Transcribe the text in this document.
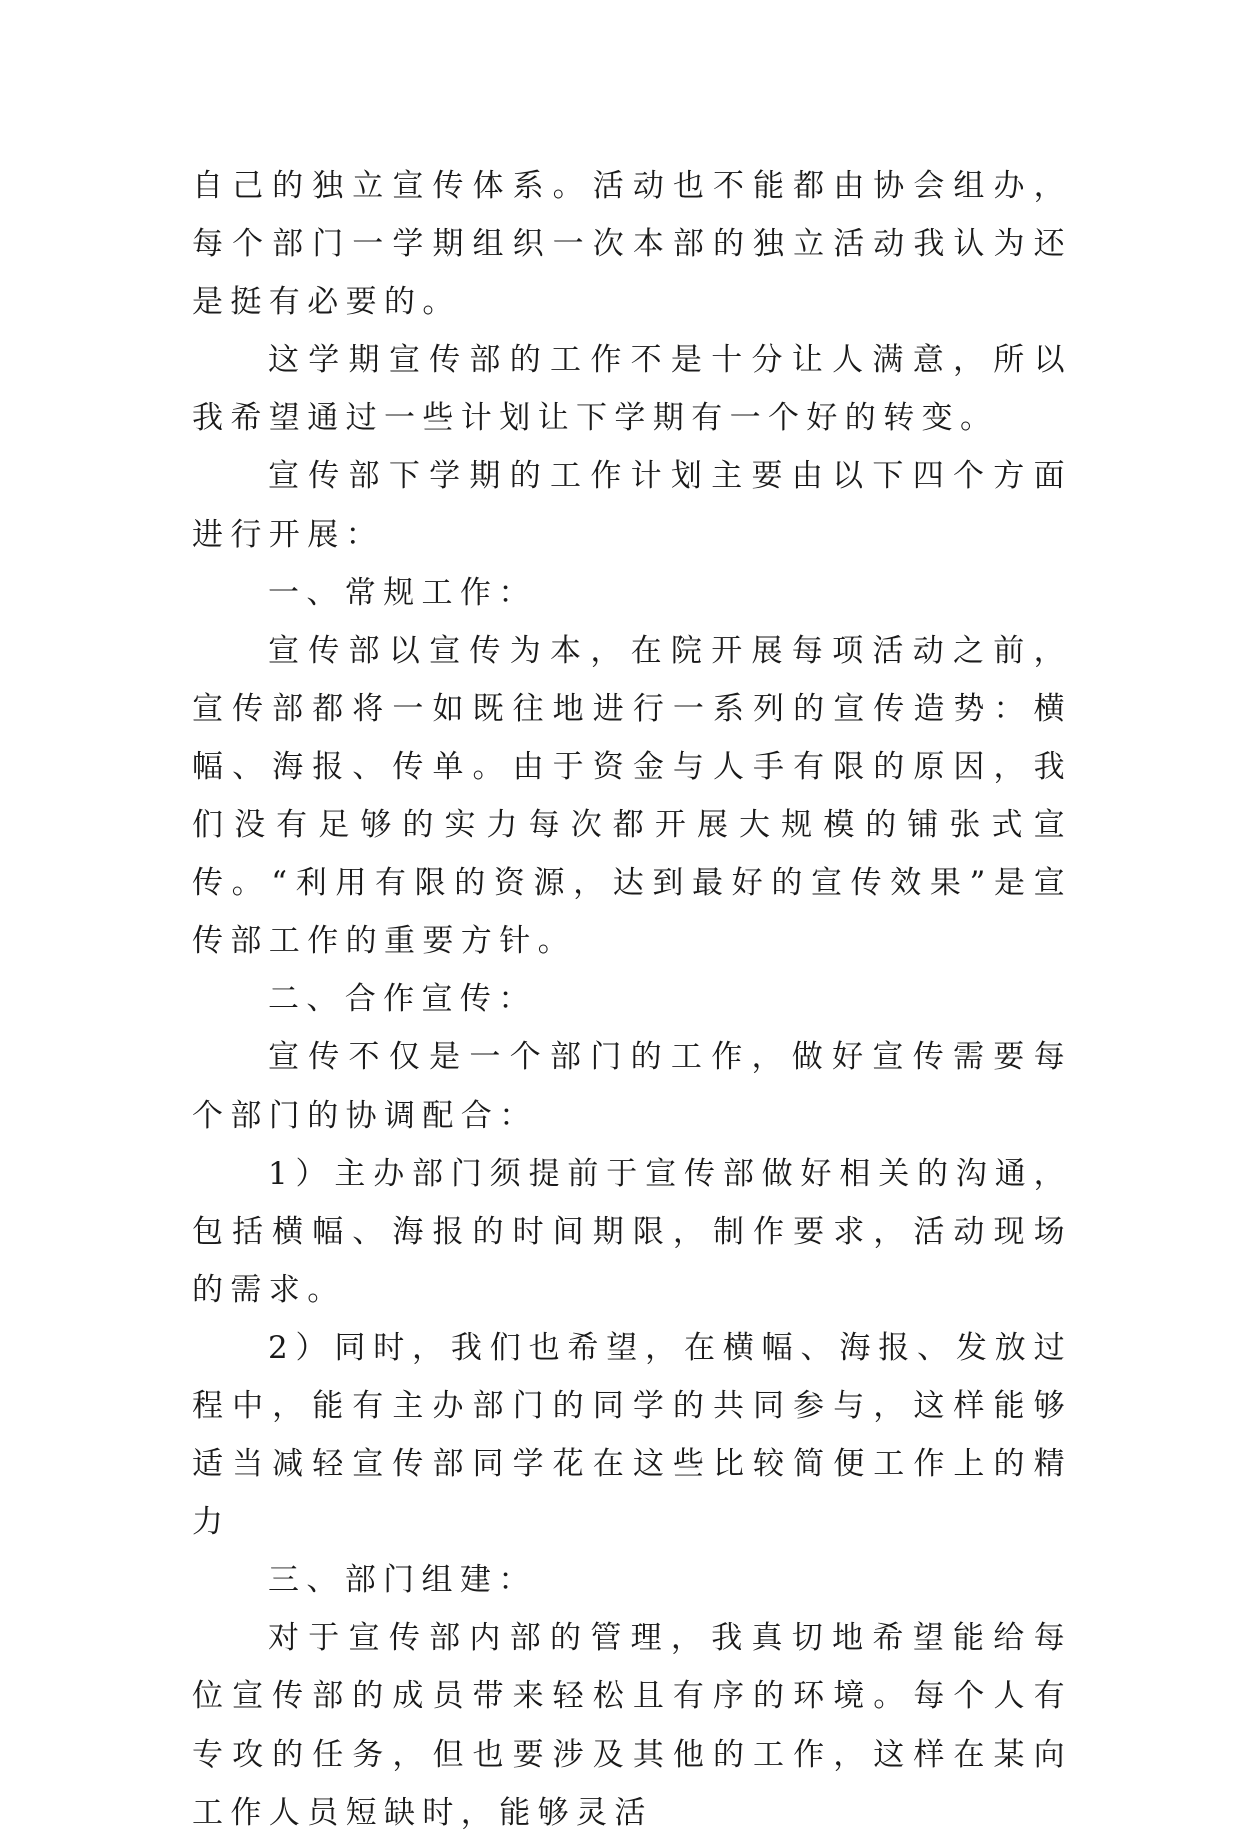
自己的独立宣传体系。活动也不能都由协会组办，每个部门一学期组织一次本部的独立活动我认为还是挺有必要的。

这学期宣传部的工作不是十分让人满意，所以我希望通过一些计划让下学期有一个好的转变。

宣传部下学期的工作计划主要由以下四个方面进行开展：

一、常规工作：

宣传部以宣传为本，在院开展每项活动之前，宣传部都将一如既往地进行一系列的宣传造势：横幅、海报、传单。由于资金与人手有限的原因，我们没有足够的实力每次都开展大规模的铺张式宣传。“利用有限的资源，达到最好的宣传效果”是宣传部工作的重要方针。

二、合作宣传：

宣传不仅是一个部门的工作，做好宣传需要每个部门的协调配合：

1）主办部门须提前于宣传部做好相关的沟通，包括横幅、海报的时间期限，制作要求，活动现场的需求。

2）同时，我们也希望，在横幅、海报、发放过程中，能有主办部门的同学的共同参与，这样能够适当减轻宣传部同学花在这些比较简便工作上的精力

三、部门组建：

对于宣传部内部的管理，我真切地希望能给每位宣传部的成员带来轻松且有序的环境。每个人有专攻的任务，但也要涉及其他的工作，这样在某向工作人员短缺时，能够灵活
